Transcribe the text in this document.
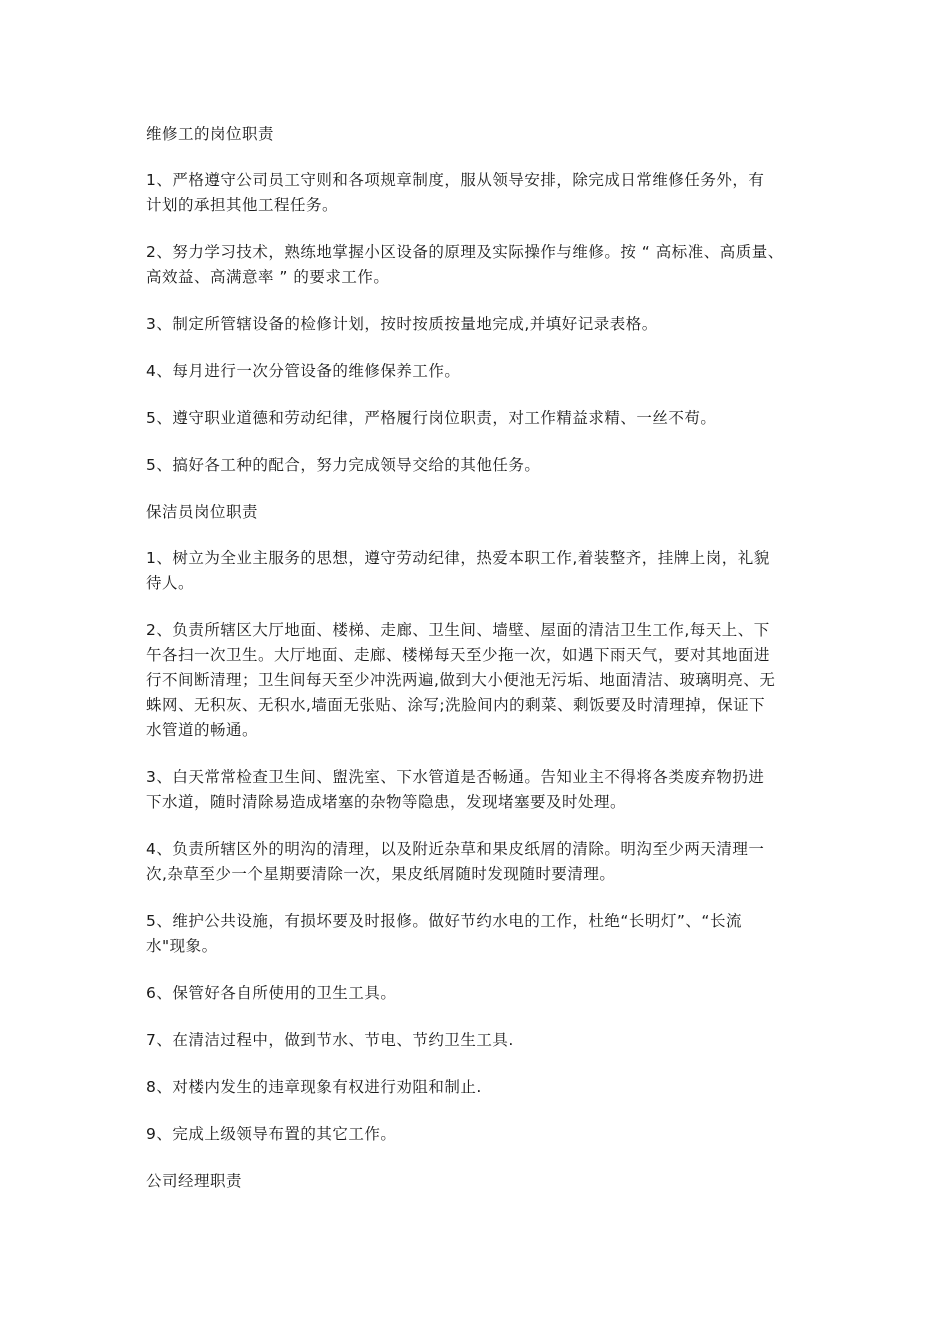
维修工的岗位职责
1、严格遵守公司员工守则和各项规章制度，服从领导安排，除完成日常维修任务外，有
计划的承担其他工程任务。
2、努力学习技术，熟练地掌握小区设备的原理及实际操作与维修。按 “ 高标准、高质量、
高效益、高满意率 ” 的要求工作。
3、制定所管辖设备的检修计划，按时按质按量地完成,并填好记录表格。
4、每月进行一次分管设备的维修保养工作。
5、遵守职业道德和劳动纪律，严格履行岗位职责，对工作精益求精、一丝不苟。
5、搞好各工种的配合，努力完成领导交给的其他任务。
保洁员岗位职责
1、树立为全业主服务的思想，遵守劳动纪律，热爱本职工作,着装整齐，挂牌上岗，礼貌
待人。
2、负责所辖区大厅地面、楼梯、走廊、卫生间、墙壁、屋面的清洁卫生工作,每天上、下
午各扫一次卫生。大厅地面、走廊、楼梯每天至少拖一次，如遇下雨天气，要对其地面进
行不间断清理；卫生间每天至少冲洗两遍,做到大小便池无污垢、地面清洁、玻璃明亮、无
蛛网、无积灰、无积水,墙面无张贴、涂写;洗脸间内的剩菜、剩饭要及时清理掉，保证下
水管道的畅通。
3、白天常常检查卫生间、盥洗室、下水管道是否畅通。告知业主不得将各类废弃物扔进
下水道，随时清除易造成堵塞的杂物等隐患，发现堵塞要及时处理。
4、负责所辖区外的明沟的清理，以及附近杂草和果皮纸屑的清除。明沟至少两天清理一
次,杂草至少一个星期要清除一次，果皮纸屑随时发现随时要清理。
5、维护公共设施，有损坏要及时报修。做好节约水电的工作，杜绝“长明灯”、“长流
水"现象。
6、保管好各自所使用的卫生工具。
7、在清洁过程中，做到节水、节电、节约卫生工具.
8、对楼内发生的违章现象有权进行劝阻和制止.
9、完成上级领导布置的其它工作。
公司经理职责
